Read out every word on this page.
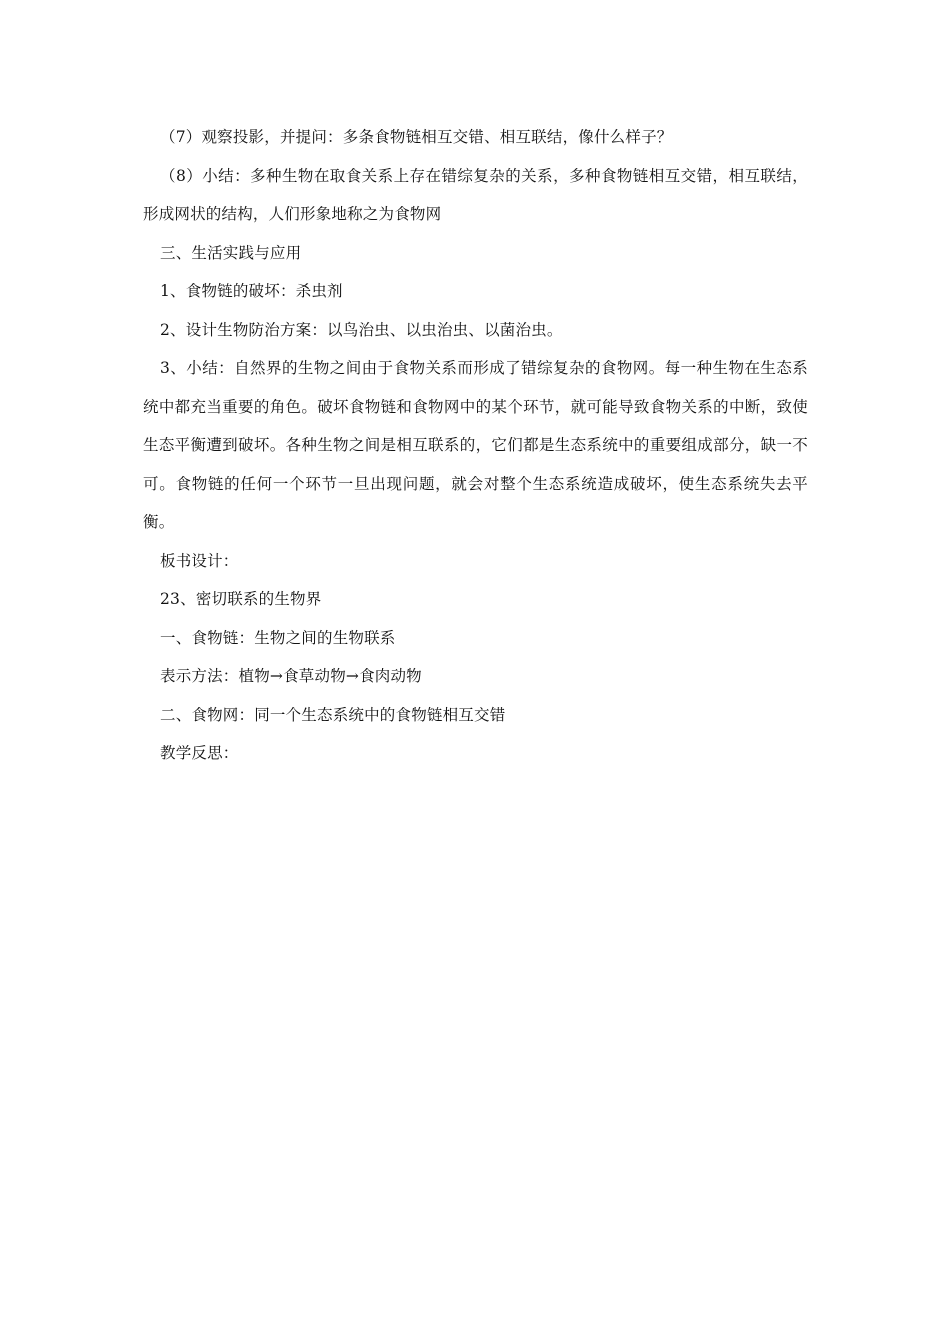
（7）观察投影，并提问：多条食物链相互交错、相互联结，像什么样子？

（8）小结：多种生物在取食关系上存在错综复杂的关系，多种食物链相互交错，相互联结，形成网状的结构，人们形象地称之为食物网

三、生活实践与应用

1、食物链的破坏：杀虫剂

2、设计生物防治方案：以鸟治虫、以虫治虫、以菌治虫。

3、小结：自然界的生物之间由于食物关系而形成了错综复杂的食物网。每一种生物在生态系统中都充当重要的角色。破坏食物链和食物网中的某个环节，就可能导致食物关系的中断，致使生态平衡遭到破坏。各种生物之间是相互联系的，它们都是生态系统中的重要组成部分，缺一不可。食物链的任何一个环节一旦出现问题，就会对整个生态系统造成破坏，使生态系统失去平衡。

板书设计：

23、密切联系的生物界

一、食物链：生物之间的生物联系

表示方法：植物→食草动物→食肉动物

二、食物网：同一个生态系统中的食物链相互交错

教学反思：
